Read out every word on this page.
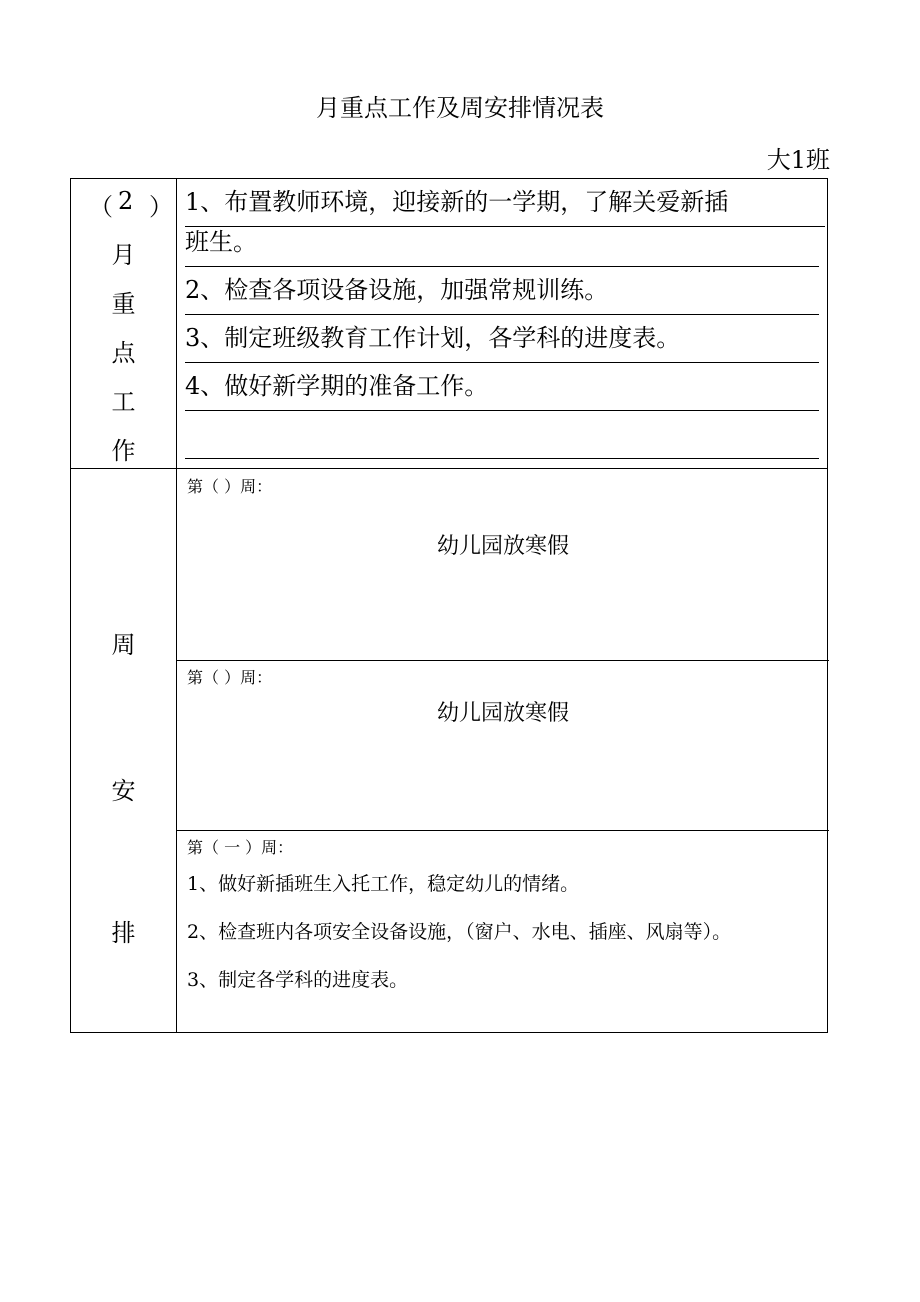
月重点工作及周安排情况表
大1班
（ 2 ）
月
重
点
工
作
1、布置教师环境，迎接新的一学期，了解关爱新插
班生。
2、检查各项设备设施，加强常规训练。
3、制定班级教育工作计划，各学科的进度表。
4、做好新学期的准备工作。
周
安
排
第（ ）周：
幼儿园放寒假
第（ ）周：
幼儿园放寒假
第（ 一 ）周：
1、做好新插班生入托工作，稳定幼儿的情绪。
2、检查班内各项安全设备设施，（窗户、水电、插座、风扇等）。
3、制定各学科的进度表。
